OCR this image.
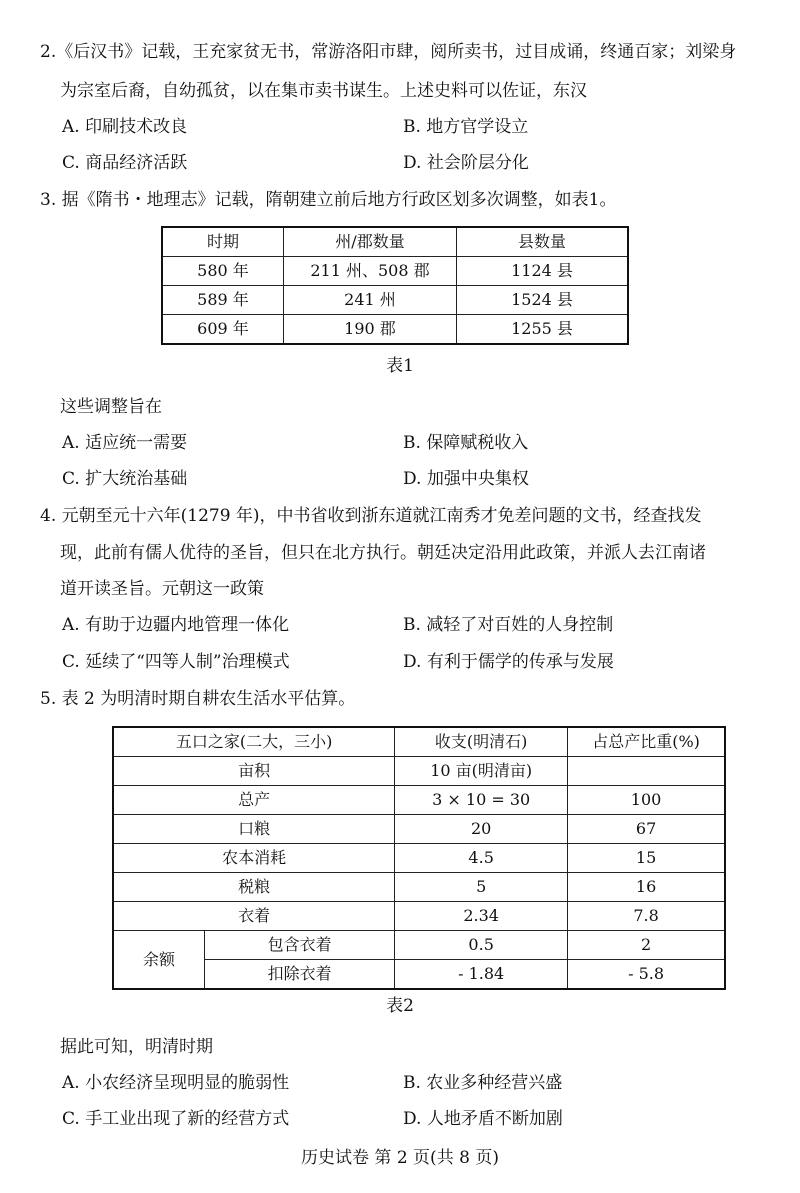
2.《后汉书》记载，王充家贫无书，常游洛阳市肆，阅所卖书，过目成诵，终通百家；刘梁身
为宗室后裔，自幼孤贫，以在集市卖书谋生。上述史料可以佐证，东汉
A. 印刷技术改良	B. 地方官学设立
C. 商品经济活跃	D. 社会阶层分化
3. 据《隋书・地理志》记载，隋朝建立前后地方行政区划多次调整，如表1。
时期	州/郡数量	县数量
580 年	211 州、508 郡	1124 县
589 年	241 州	1524 县
609 年	190 郡	1255 县
表1
这些调整旨在
A. 适应统一需要	B. 保障赋税收入
C. 扩大统治基础	D. 加强中央集权
4. 元朝至元十六年(1279 年)，中书省收到浙东道就江南秀才免差问题的文书，经查找发
现，此前有儒人优待的圣旨，但只在北方执行。朝廷决定沿用此政策，并派人去江南诸
道开读圣旨。元朝这一政策
A. 有助于边疆内地管理一体化	B. 减轻了对百姓的人身控制
C. 延续了“四等人制”治理模式	D. 有利于儒学的传承与发展
5. 表 2 为明清时期自耕农生活水平估算。
五口之家(二大，三小)		收支(明清石)	占总产比重(%)
亩积		10 亩(明清亩)	
总产		3 × 10 = 30	100
口粮		20	67
农本消耗		4.5	15
税粮		5	16
衣着		2.34	7.8
余额	包含衣着	0.5	2
	扣除衣着	- 1.84	- 5.8
表2
据此可知，明清时期
A. 小农经济呈现明显的脆弱性	B. 农业多种经营兴盛
C. 手工业出现了新的经营方式	D. 人地矛盾不断加剧
历史试卷 第 2 页(共 8 页)
